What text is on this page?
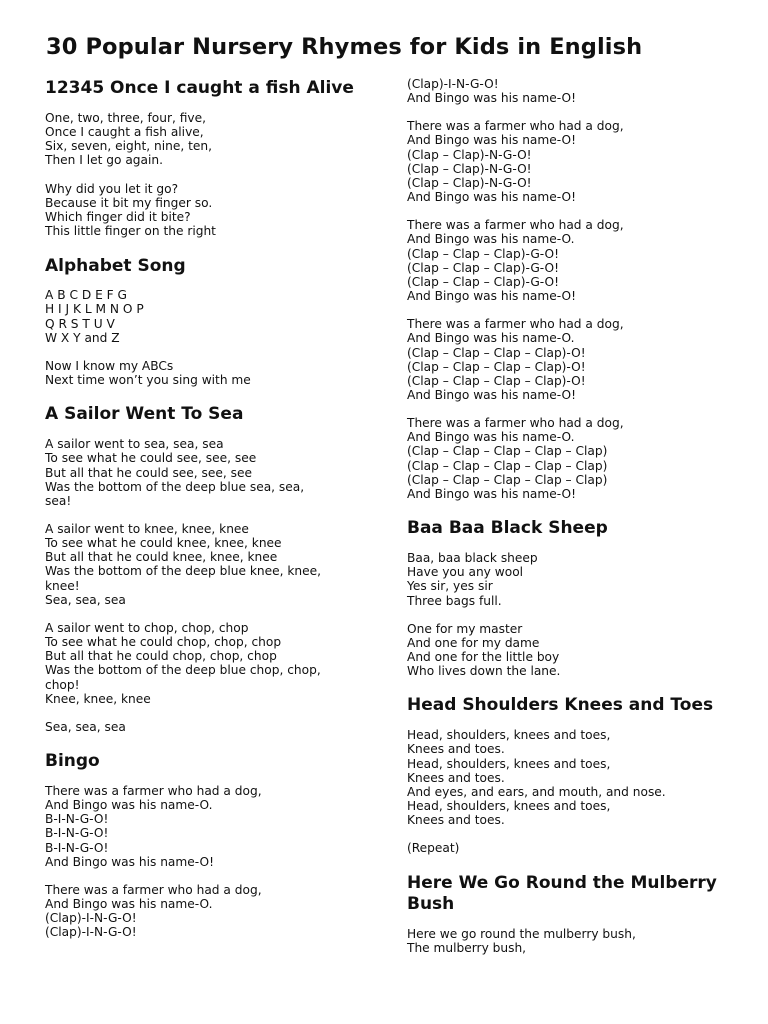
30 Popular Nursery Rhymes for Kids in English
12345 Once I caught a fish Alive
One, two, three, four, five,
Once I caught a fish alive,
Six, seven, eight, nine, ten,
Then I let go again.
Why did you let it go?
Because it bit my finger so.
Which finger did it bite?
This little finger on the right
Alphabet Song
A B C D E F G
H I J K L M N O P
Q R S T U V
W X Y and Z
Now I know my ABCs
Next time won’t you sing with me
A Sailor Went To Sea
A sailor went to sea, sea, sea
To see what he could see, see, see
But all that he could see, see, see
Was the bottom of the deep blue sea, sea,
sea!
A sailor went to knee, knee, knee
To see what he could knee, knee, knee
But all that he could knee, knee, knee
Was the bottom of the deep blue knee, knee,
knee!
Sea, sea, sea
A sailor went to chop, chop, chop
To see what he could chop, chop, chop
But all that he could chop, chop, chop
Was the bottom of the deep blue chop, chop,
chop!
Knee, knee, knee
Sea, sea, sea
Bingo
There was a farmer who had a dog,
And Bingo was his name-O.
B-I-N-G-O!
B-I-N-G-O!
B-I-N-G-O!
And Bingo was his name-O!
There was a farmer who had a dog,
And Bingo was his name-O.
(Clap)-I-N-G-O!
(Clap)-I-N-G-O!
(Clap)-I-N-G-O!
And Bingo was his name-O!
There was a farmer who had a dog,
And Bingo was his name-O!
(Clap – Clap)-N-G-O!
(Clap – Clap)-N-G-O!
(Clap – Clap)-N-G-O!
And Bingo was his name-O!
There was a farmer who had a dog,
And Bingo was his name-O.
(Clap – Clap – Clap)-G-O!
(Clap – Clap – Clap)-G-O!
(Clap – Clap – Clap)-G-O!
And Bingo was his name-O!
There was a farmer who had a dog,
And Bingo was his name-O.
(Clap – Clap – Clap – Clap)-O!
(Clap – Clap – Clap – Clap)-O!
(Clap – Clap – Clap – Clap)-O!
And Bingo was his name-O!
There was a farmer who had a dog,
And Bingo was his name-O.
(Clap – Clap – Clap – Clap – Clap)
(Clap – Clap – Clap – Clap – Clap)
(Clap – Clap – Clap – Clap – Clap)
And Bingo was his name-O!
Baa Baa Black Sheep
Baa, baa black sheep
Have you any wool
Yes sir, yes sir
Three bags full.
One for my master
And one for my dame
And one for the little boy
Who lives down the lane.
Head Shoulders Knees and Toes
Head, shoulders, knees and toes,
Knees and toes.
Head, shoulders, knees and toes,
Knees and toes.
And eyes, and ears, and mouth, and nose.
Head, shoulders, knees and toes,
Knees and toes.
(Repeat)
Here We Go Round the Mulberry Bush
Here we go round the mulberry bush,
The mulberry bush,
